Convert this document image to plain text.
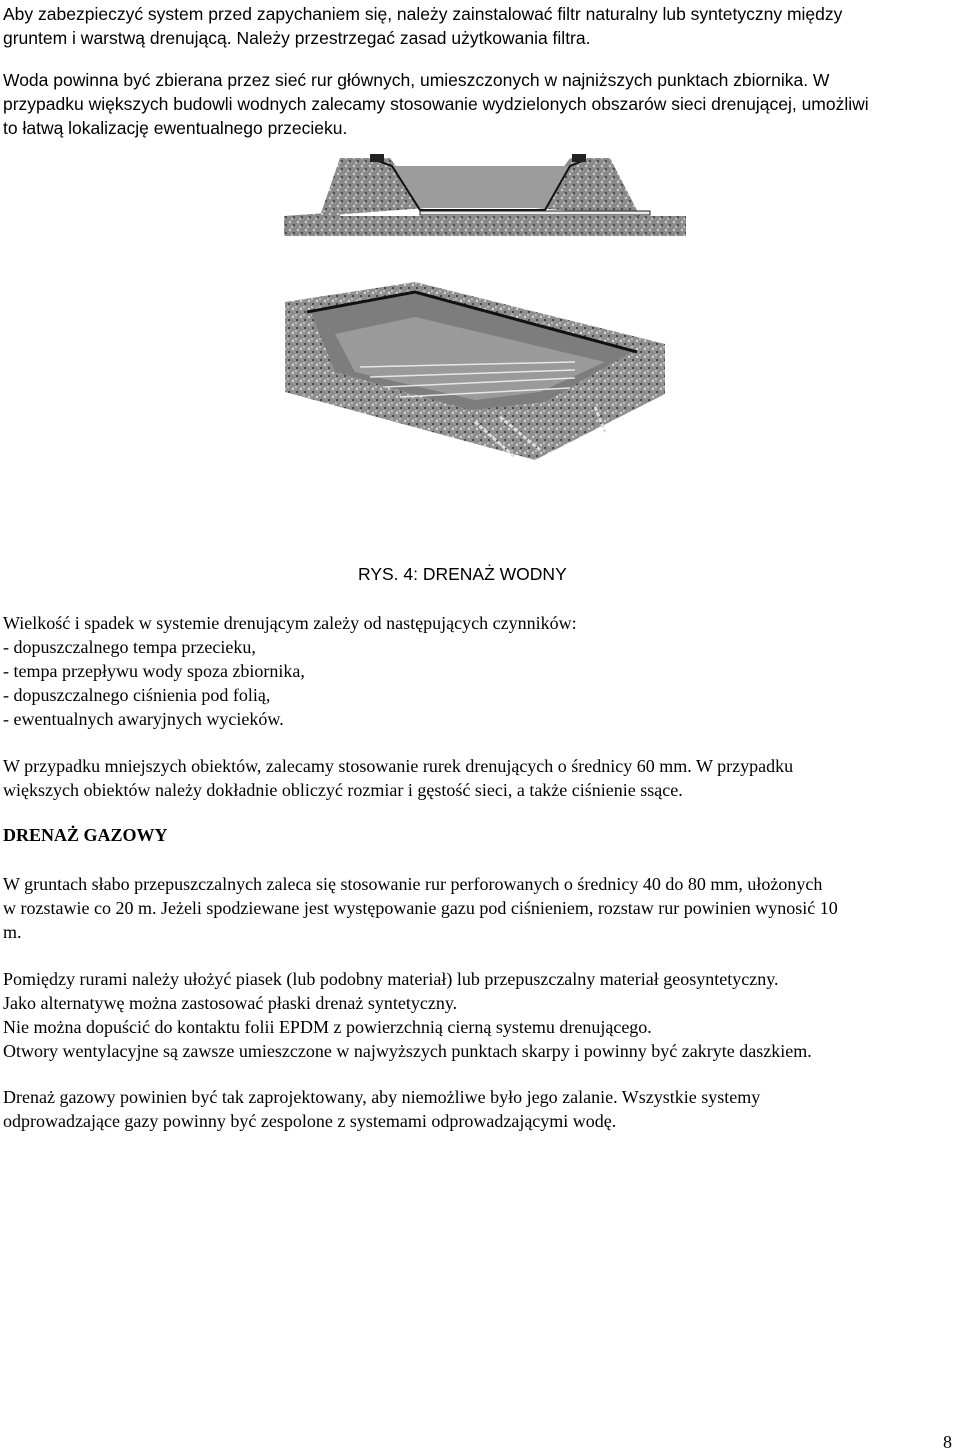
Aby zabezpieczyć system przed zapychaniem się, należy zainstalować filtr naturalny lub syntetyczny między
gruntem i warstwą drenującą. Należy przestrzegać zasad użytkowania filtra.
Woda powinna być zbierana przez sieć rur głównych, umieszczonych w najniższych punktach zbiornika. W
przypadku większych budowli wodnych zalecamy stosowanie wydzielonych obszarów sieci drenującej, umożliwi
to łatwą lokalizację ewentualnego przecieku.
RYS. 4: DRENAŻ WODNY
Wielkość i spadek w systemie drenującym zależy od następujących czynników:
- dopuszczalnego tempa przecieku,
- tempa przepływu wody spoza zbiornika,
- dopuszczalnego ciśnienia pod folią,
- ewentualnych awaryjnych wycieków.
W przypadku mniejszych obiektów, zalecamy stosowanie rurek drenujących o średnicy 60 mm. W przypadku
większych obiektów należy dokładnie obliczyć rozmiar i gęstość sieci, a także ciśnienie ssące.
DRENAŻ GAZOWY
W gruntach słabo przepuszczalnych zaleca się stosowanie rur perforowanych o średnicy 40 do 80 mm, ułożonych
w rozstawie co 20 m. Jeżeli spodziewane jest występowanie gazu pod ciśnieniem, rozstaw rur powinien wynosić 10
m.
Pomiędzy rurami należy ułożyć piasek (lub podobny materiał) lub przepuszczalny materiał geosyntetyczny.
Jako alternatywę można zastosować płaski drenaż syntetyczny.
Nie można dopuścić do kontaktu folii EPDM z powierzchnią cierną systemu drenującego.
Otwory wentylacyjne są zawsze umieszczone w najwyższych punktach skarpy i powinny być zakryte daszkiem.
Drenaż gazowy powinien być tak zaprojektowany, aby niemożliwe było jego zalanie. Wszystkie systemy
odprowadzające gazy powinny być zespolone z systemami odprowadzającymi wodę.
8
